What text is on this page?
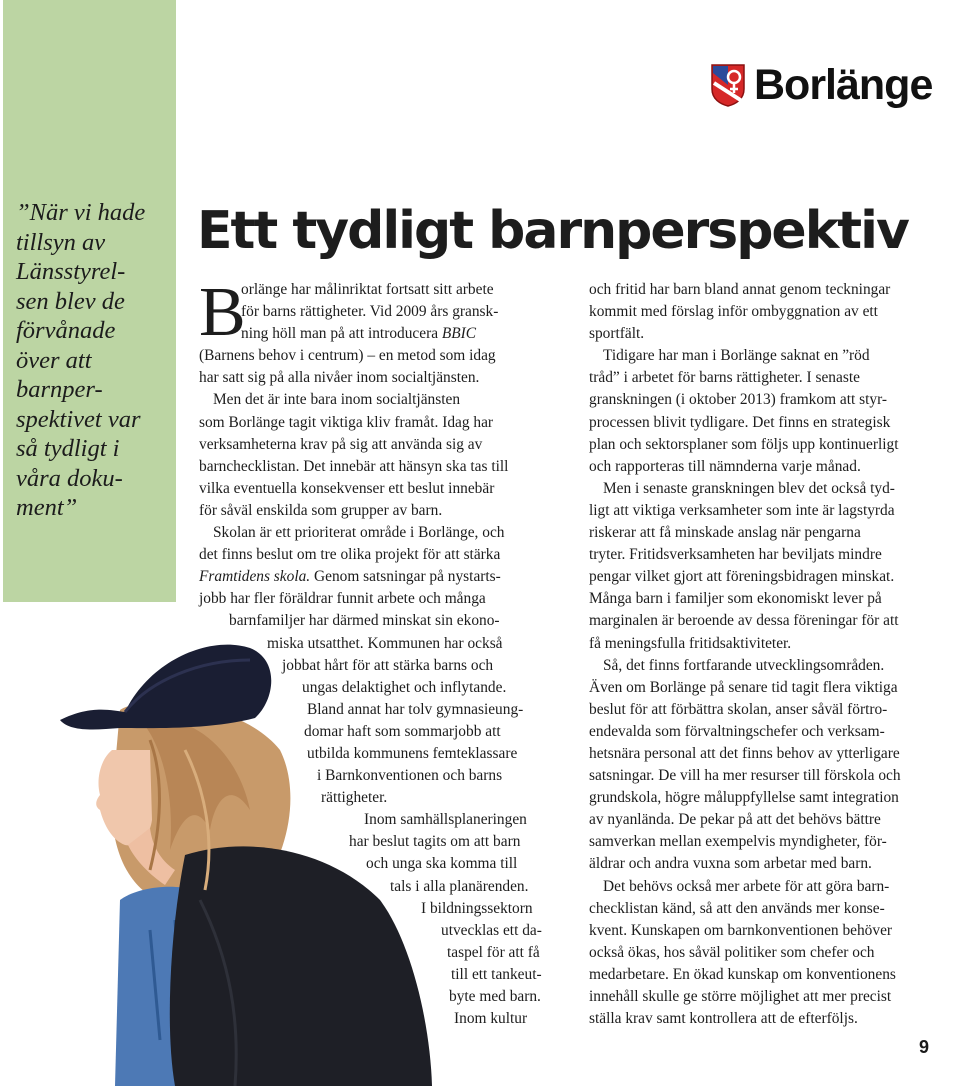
”När vi hade
tillsyn av
Länsstyrel-
sen blev de
förvånade
över att
barnper-
spektivet var
så tydligt i
våra doku-
ment”
Borlänge
Ett tydligt barnperspektiv
B
orlänge har målinriktat fortsatt sitt arbete
för barns rättigheter. Vid 2009 års gransk-
ning höll man på att introducera BBIC
(Barnens behov i centrum) – en metod som idag
har satt sig på alla nivåer inom socialtjänsten.
Men det är inte bara inom socialtjänsten
som Borlänge tagit viktiga kliv framåt. Idag har
verksamheterna krav på sig att använda sig av
barnchecklistan. Det innebär att hänsyn ska tas till
vilka eventuella konsekvenser ett beslut innebär
för såväl enskilda som grupper av barn.
Skolan är ett prioriterat område i Borlänge, och
det finns beslut om tre olika projekt för att stärka
Framtidens skola. Genom satsningar på nystarts-
jobb har fler föräldrar funnit arbete och många
barnfamiljer har därmed minskat sin ekono-
miska utsatthet. Kommunen har också
jobbat hårt för att stärka barns och
ungas delaktighet och inflytande.
Bland annat har tolv gymnasieung-
domar haft som sommarjobb att
utbilda kommunens femteklassare
i Barnkonventionen och barns
rättigheter.
Inom samhällsplaneringen
har beslut tagits om att barn
och unga ska komma till
tals i alla planärenden.
I bildningssektorn
utvecklas ett da-
taspel för att få
till ett tankeut-
byte med barn.
Inom kultur
och fritid har barn bland annat genom teckningar
kommit med förslag inför ombyggnation av ett
sportfält.
Tidigare har man i Borlänge saknat en ”röd
tråd” i arbetet för barns rättigheter. I senaste
granskningen (i oktober 2013) framkom att styr-
processen blivit tydligare. Det finns en strategisk
plan och sektorsplaner som följs upp kontinuerligt
och rapporteras till nämnderna varje månad.
Men i senaste granskningen blev det också tyd-
ligt att viktiga verksamheter som inte är lagstyrda
riskerar att få minskade anslag när pengarna
tryter. Fritidsverksamheten har beviljats mindre
pengar vilket gjort att föreningsbidragen minskat.
Många barn i familjer som ekonomiskt lever på
marginalen är beroende av dessa föreningar för att
få meningsfulla fritidsaktiviteter.
Så, det finns fortfarande utvecklingsområden.
Även om Borlänge på senare tid tagit flera viktiga
beslut för att förbättra skolan, anser såväl förtro-
endevalda som förvaltningschefer och verksam-
hetsnära personal att det finns behov av ytterligare
satsningar. De vill ha mer resurser till förskola och
grundskola, högre måluppfyllelse samt integration
av nyanlända. De pekar på att det behövs bättre
samverkan mellan exempelvis myndigheter, för-
äldrar och andra vuxna som arbetar med barn.
Det behövs också mer arbete för att göra barn-
checklistan känd, så att den används mer konse-
kvent. Kunskapen om barnkonventionen behöver
också ökas, hos såväl politiker som chefer och
medarbetare. En ökad kunskap om konventionens
innehåll skulle ge större möjlighet att mer precist
ställa krav samt kontrollera att de efterföljs.
9
